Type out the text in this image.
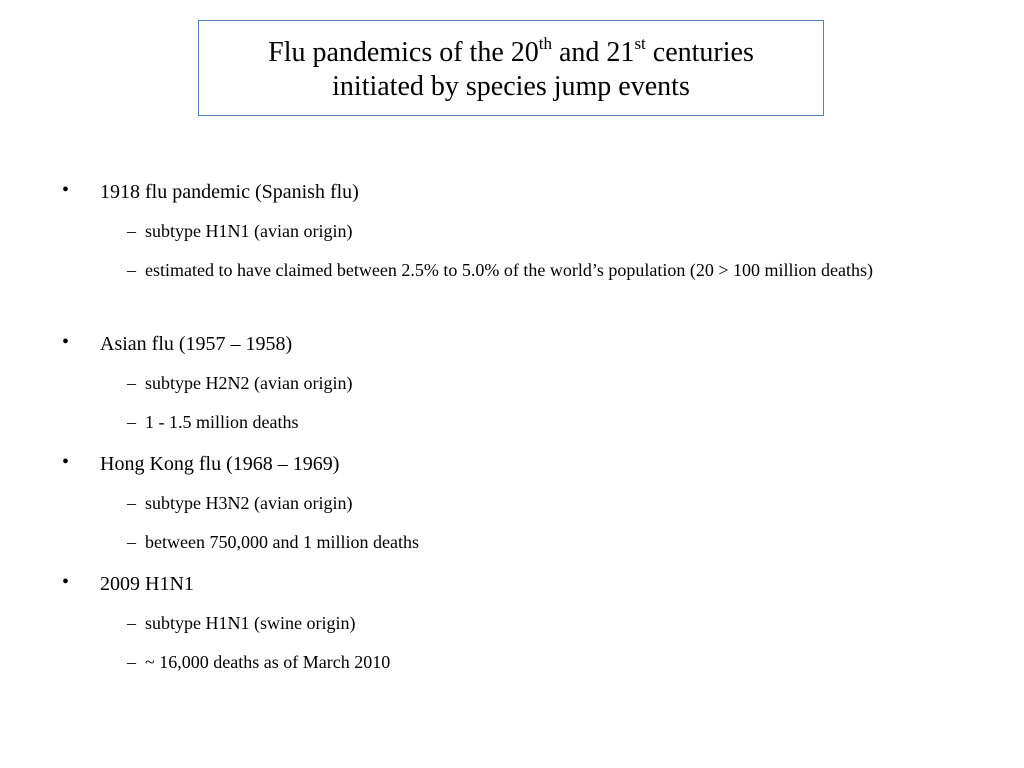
Flu pandemics of the 20th and 21st centuries
initiated by species jump events
• 1918 flu pandemic (Spanish flu)
– subtype H1N1 (avian origin)
– estimated to have claimed between 2.5% to 5.0% of the world’s population (20 > 100 million deaths)
• Asian flu (1957 – 1958)
– subtype H2N2 (avian origin)
– 1 - 1.5 million deaths
• Hong Kong flu (1968 – 1969)
– subtype H3N2 (avian origin)
– between 750,000 and 1 million deaths
• 2009 H1N1
– subtype H1N1 (swine origin)
– ~ 16,000 deaths as of March 2010
